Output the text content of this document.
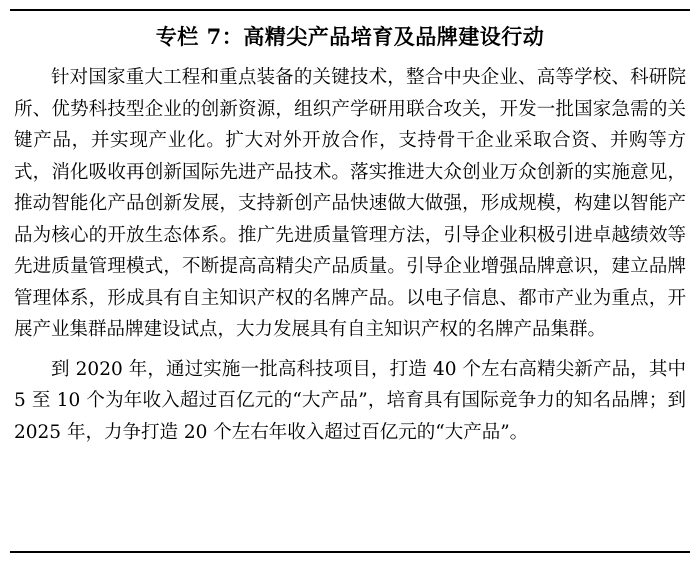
专栏 7：高精尖产品培育及品牌建设行动

针对国家重大工程和重点装备的关键技术，整合中央企业、高等学校、科研院所、优势科技型企业的创新资源，组织产学研用联合攻关，开发一批国家急需的关键产品，并实现产业化。扩大对外开放合作，支持骨干企业采取合资、并购等方式，消化吸收再创新国际先进产品技术。落实推进大众创业万众创新的实施意见，推动智能化产品创新发展，支持新创产品快速做大做强，形成规模，构建以智能产品为核心的开放生态体系。推广先进质量管理方法，引导企业积极引进卓越绩效等先进质量管理模式，不断提高高精尖产品质量。引导企业增强品牌意识，建立品牌管理体系，形成具有自主知识产权的名牌产品。以电子信息、都市产业为重点，开展产业集群品牌建设试点，大力发展具有自主知识产权的名牌产品集群。

到 2020 年，通过实施一批高科技项目，打造 40 个左右高精尖新产品，其中 5 至 10 个为年收入超过百亿元的“大产品”，培育具有国际竞争力的知名品牌；到 2025 年，力争打造 20 个左右年收入超过百亿元的“大产品”。
